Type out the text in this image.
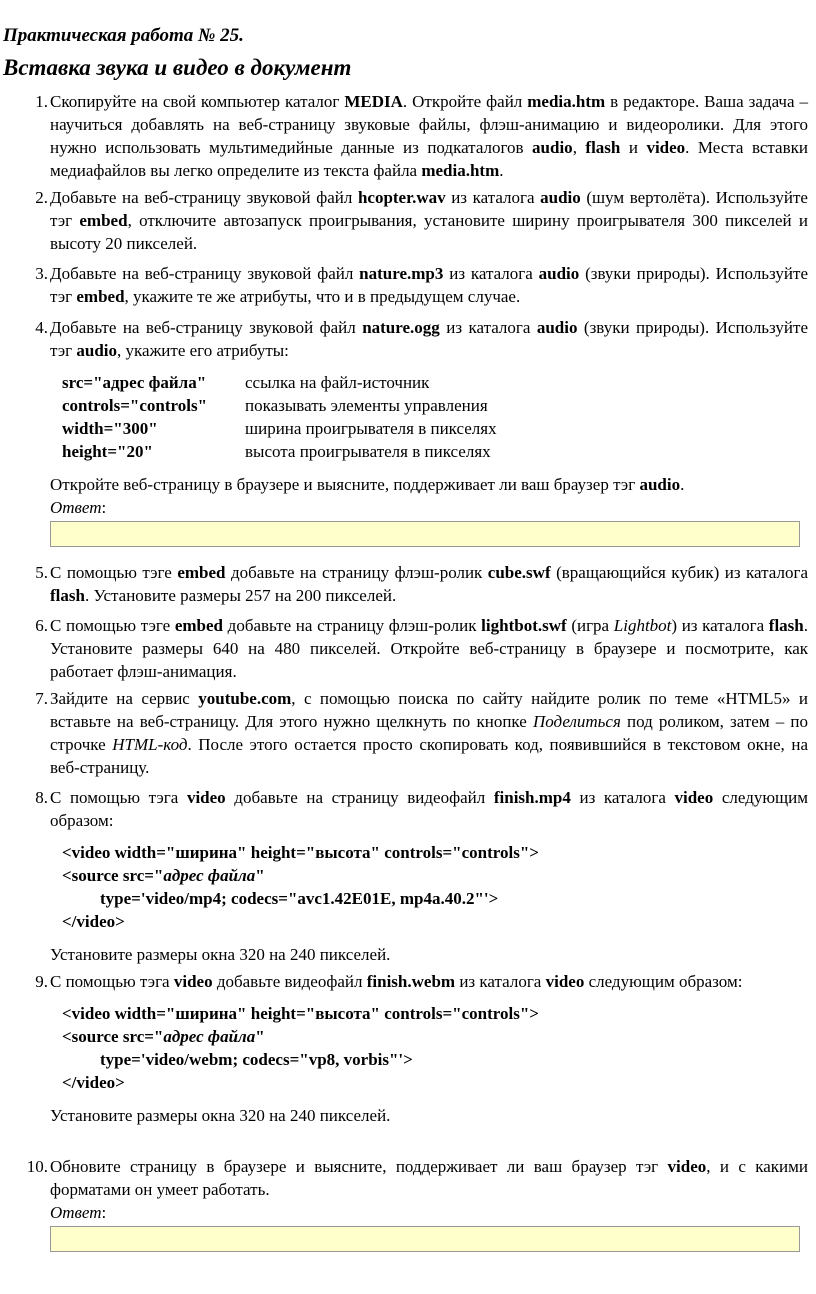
Практическая работа № 25.

Вставка звука и видео в документ

1. Скопируйте на свой компьютер каталог MEDIA. Откройте файл media.htm в редакторе. Ваша задача – научиться добавлять на веб-страницу звуковые файлы, флэш-анимацию и видеоролики. Для этого нужно использовать мультимедийные данные из подкаталогов audio, flash и video. Места вставки медиафайлов вы легко определите из текста файла media.htm.

2. Добавьте на веб-страницу звуковой файл hcopter.wav из каталога audio (шум вертолёта). Используйте тэг embed, отключите автозапуск проигрывания, установите ширину проигрывателя 300 пикселей и высоту 20 пикселей.

3. Добавьте на веб-страницу звуковой файл nature.mp3 из каталога audio (звуки природы). Используйте тэг embed, укажите те же атрибуты, что и в предыдущем случае.

4. Добавьте на веб-страницу звуковой файл nature.ogg из каталога audio (звуки природы). Используйте тэг audio, укажите его атрибуты:

src="адрес файла"	ссылка на файл-источник
controls="controls"	показывать элементы управления
width="300"	ширина проигрывателя в пикселях
height="20"	высота проигрывателя в пикселях

Откройте веб-страницу в браузере и выясните, поддерживает ли ваш браузер тэг audio.

Ответ:

5. С помощью тэге embed добавьте на страницу флэш-ролик cube.swf (вращающийся кубик) из каталога flash. Установите размеры 257 на 200 пикселей.

6. С помощью тэге embed добавьте на страницу флэш-ролик lightbot.swf (игра Lightbot) из каталога flash. Установите размеры 640 на 480 пикселей. Откройте веб-страницу в браузере и посмотрите, как работает флэш-анимация.

7. Зайдите на сервис youtube.com, с помощью поиска по сайту найдите ролик по теме «HTML5» и вставьте на веб-страницу. Для этого нужно щелкнуть по кнопке Поделиться под роликом, затем – по строчке HTML-код. После этого остается просто скопировать код, появившийся в текстовом окне, на веб-страницу.

8. С помощью тэга video добавьте на страницу видеофайл finish.mp4 из каталога video следующим образом:

<video width="ширина" height="высота" controls="controls">
<source src="адрес файла"
type='video/mp4; codecs="avc1.42E01E, mp4a.40.2"'>
</video>

Установите размеры окна 320 на 240 пикселей.

9. С помощью тэга video добавьте видеофайл finish.webm из каталога video следующим образом:

<video width="ширина" height="высота" controls="controls">
<source src="адрес файла"
type='video/webm; codecs="vp8, vorbis"'>
</video>

Установите размеры окна 320 на 240 пикселей.

10. Обновите страницу в браузере и выясните, поддерживает ли ваш браузер тэг video, и с какими форматами он умеет работать.

Ответ:
